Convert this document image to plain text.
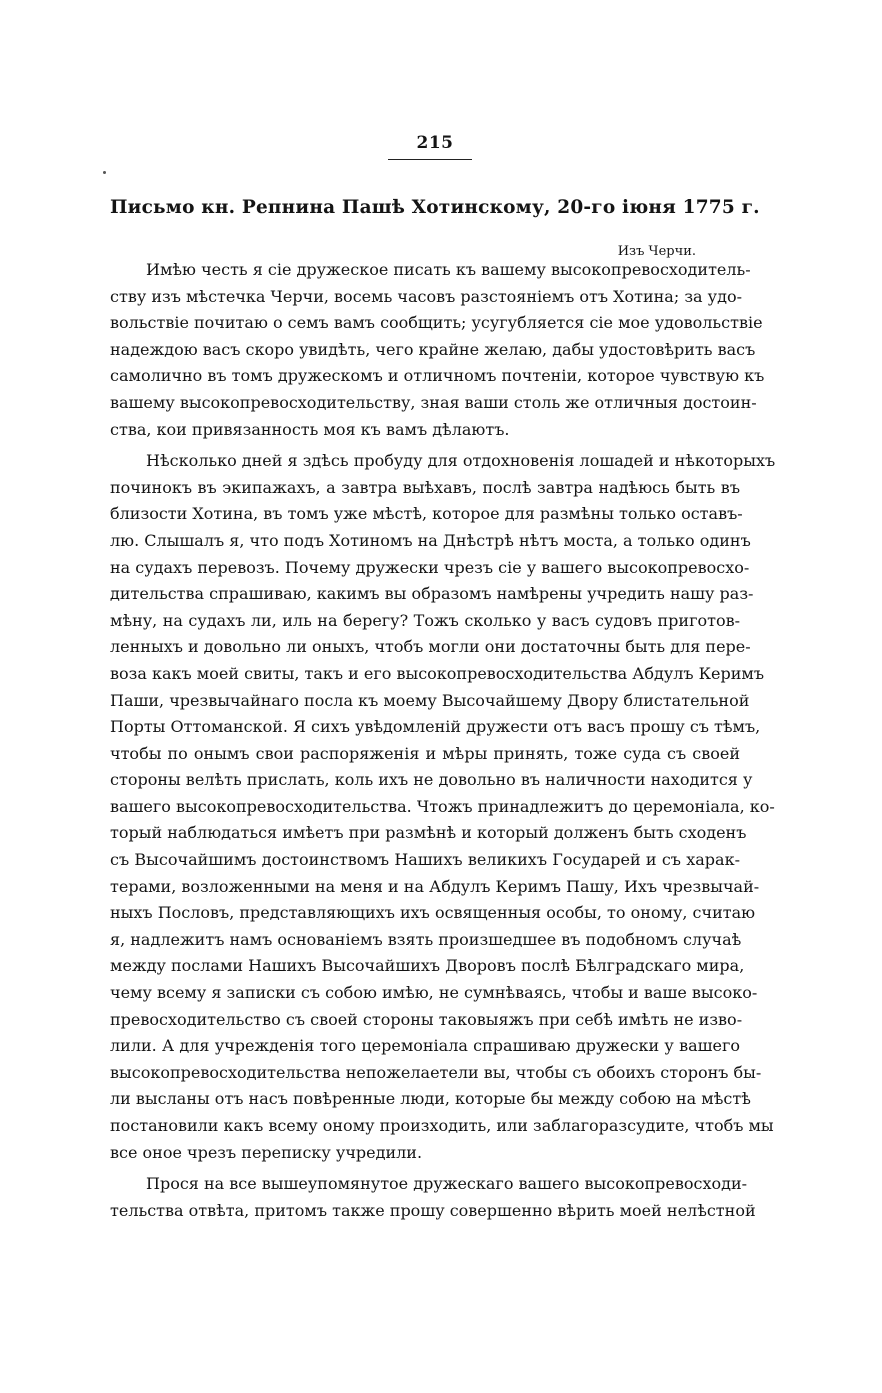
215
Письмо кн. Репнина Пашѣ Хотинскому, 20-го іюня 1775 г.
Изъ Черчи.
Имѣю честь я сіе дружеское писать къ вашему высокопревосходитель-
ству изъ мѣстечка Черчи, восемь часовъ разстояніемъ отъ Хотина; за удо-
вольствіе почитаю о семъ вамъ сообщить; усугубляется сіе мое удовольствіе
надеждою васъ скоро увидѣть, чего крайне желаю, дабы удостовѣрить васъ
самолично въ томъ дружескомъ и отличномъ почтеніи, которое чувствую къ
вашему высокопревосходительству, зная ваши столь же отличныя достоин-
ства, кои привязанность моя къ вамъ дѣлаютъ.
Нѣсколько дней я здѣсь пробуду для отдохновенія лошадей и нѣкоторыхъ
починокъ въ экипажахъ, а завтра выѣхавъ, послѣ завтра надѣюсь быть въ
близости Хотина, въ томъ уже мѣстѣ, которое для размѣны только оставъ-
лю. Слышалъ я, что подъ Хотиномъ на Днѣстрѣ нѣтъ моста, а только одинъ
на судахъ перевозъ. Почему дружески чрезъ сіе у вашего высокопревосхо-
дительства спрашиваю, какимъ вы образомъ намѣрены учредить нашу раз-
мѣну, на судахъ ли, иль на берегу? Тожъ сколько у васъ судовъ приготов-
ленныхъ и довольно ли оныхъ, чтобъ могли они достаточны быть для пере-
воза какъ моей свиты, такъ и его высокопревосходительства Абдулъ Керимъ
Паши, чрезвычайнаго посла къ моему Высочайшему Двору блистательной
Порты Оттоманской. Я сихъ увѣдомленій дружести отъ васъ прошу съ тѣмъ,
чтобы по онымъ свои распоряженія и мѣры принять, тоже суда съ своей
стороны велѣть прислать, коль ихъ не довольно въ наличности находится у
вашего высокопревосходительства. Чтожъ принадлежитъ до церемоніала, ко-
торый наблюдаться имѣетъ при размѣнѣ и который долженъ быть сходенъ
съ Высочайшимъ достоинствомъ Нашихъ великихъ Государей и съ харак-
терами, возложенными на меня и на Абдулъ Керимъ Пашу, Ихъ чрезвычай-
ныхъ Пословъ, представляющихъ ихъ освященныя особы, то оному, считаю
я, надлежитъ намъ основаніемъ взять произшедшее въ подобномъ случаѣ
между послами Нашихъ Высочайшихъ Дворовъ послѣ Бѣлградскаго мира,
чему всему я записки съ собою имѣю, не сумнѣваясь, чтобы и ваше высоко-
превосходительство съ своей стороны таковыяжъ при себѣ имѣть не изво-
лили. А для учрежденія того церемоніала спрашиваю дружески у вашего
высокопревосходительства непожелаетели вы, чтобы съ обоихъ сторонъ бы-
ли высланы отъ насъ повѣренные люди, которые бы между собою на мѣстѣ
постановили какъ всему оному произходить, или заблагоразсудите, чтобъ мы
все оное чрезъ переписку учредили.
Прося на все вышеупомянутое дружескаго вашего высокопревосходи-
тельства отвѣта, притомъ также прошу совершенно вѣрить моей нелѣстной
